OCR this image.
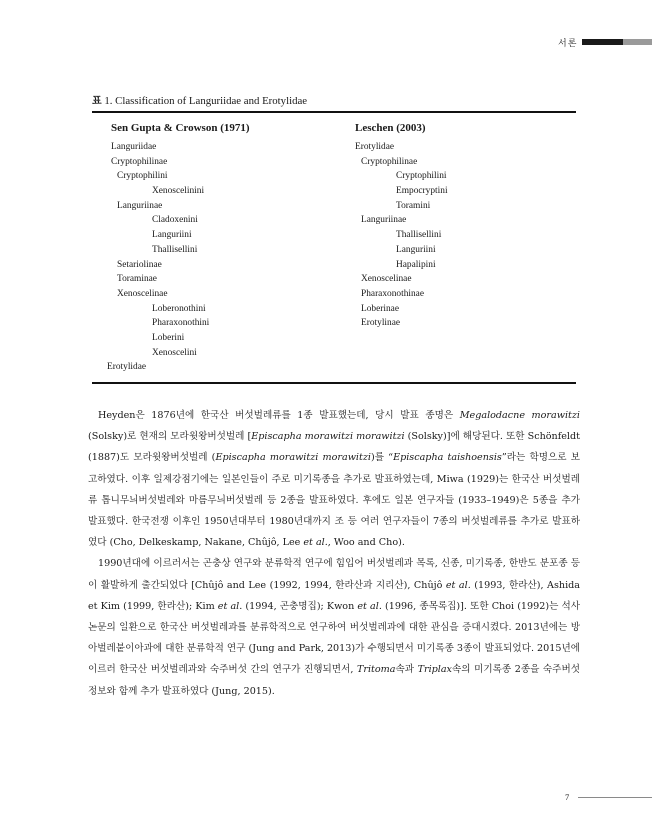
서론
표 1. Classification of Languriidae and Erotylidae
Sen Gupta & Crowson (1971)	Leschen (2003)
Languriidae
Cryptophilinae
Cryptophilini
Xenoscelinini
Languriinae
Cladoxenini
Languriini
Thallisellini
Setariolinae
Toraminae
Xenoscelinae
Loberonothini
Pharaxonothini
Loberini
Xenoscelini
Erotylidae
Erotylidae
Cryptophilinae
Cryptophilini
Empocryptini
Toramini
Languriinae
Thallisellini
Languriini
Hapalipini
Xenoscelinae
Pharaxonothinae
Loberinae
Erotylinae

Heyden은 1876년에 한국산 버섯벌레류를 1종 발표했는데, 당시 발표 종명은 Megalodacne morawitzi (Solsky)로 현재의 모라윗왕버섯벌레 [Episcapha morawitzi morawitzi (Solsky)]에 해당된다. 또한 Schönfeldt (1887)도 모라윗왕버섯벌레 (Episcapha morawitzi morawitzi)를 “Episcapha taishoensis”라는 학명으로 보고하였다. 이후 일제강점기에는 일본인들이 주로 미기록종을 추가로 발표하였는데, Miwa (1929)는 한국산 버섯벌레류 톱니무늬버섯벌레와 마름무늬버섯벌레 등 2종을 발표하였다. 후에도 일본 연구자들 (1933–1949)은 5종을 추가 발표했다. 한국전쟁 이후인 1950년대부터 1980년대까지 조 등 여러 연구자들이 7종의 버섯벌레류를 추가로 발표하였다 (Cho, Delkeskamp, Nakane, Chûjô, Lee et al., Woo and Cho).

1990년대에 이르러서는 곤충상 연구와 분류학적 연구에 힘입어 버섯벌레과 목록, 신종, 미기록종, 한반도 분포종 등이 활발하게 출간되었다 [Chûjô and Lee (1992, 1994, 한라산과 지리산), Chûjô et al. (1993, 한라산), Ashida et Kim (1999, 한라산); Kim et al. (1994, 곤충명집); Kwon et al. (1996, 종목록집)]. 또한 Choi (1992)는 석사논문의 일환으로 한국산 버섯벌레과를 분류학적으로 연구하여 버섯벌레과에 대한 관심을 증대시켰다. 2013년에는 방아벌레붙이아과에 대한 분류학적 연구 (Jung and Park, 2013)가 수행되면서 미기록종 3종이 발표되었다. 2015년에 이르러 한국산 버섯벌레과와 숙주버섯 간의 연구가 진행되면서, Tritoma속과 Triplax속의 미기록종 2종을 숙주버섯 정보와 함께 추가 발표하였다 (Jung, 2015).

7
